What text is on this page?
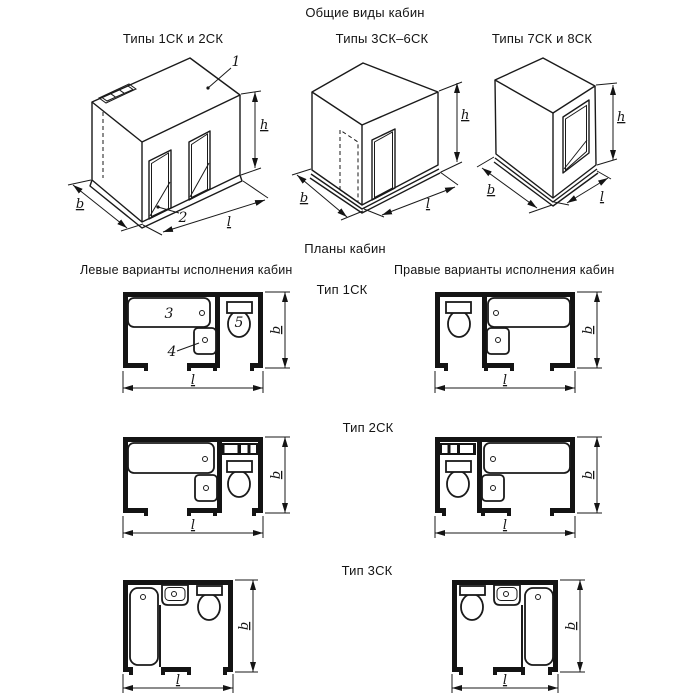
Общие виды кабин
Типы 1СК и 2СК	Типы 3СК–6СК	Типы 7СК и 8СК
Планы кабин
Левые варианты исполнения кабин	Правые варианты исполнения кабин
Тип 1СК
Тип 2СК
Тип 3СК
b
l
h
1
2
b	l
h
b	l
h
3
4
5 b
l
b
l
b
l
b
l
b
l
b
l
